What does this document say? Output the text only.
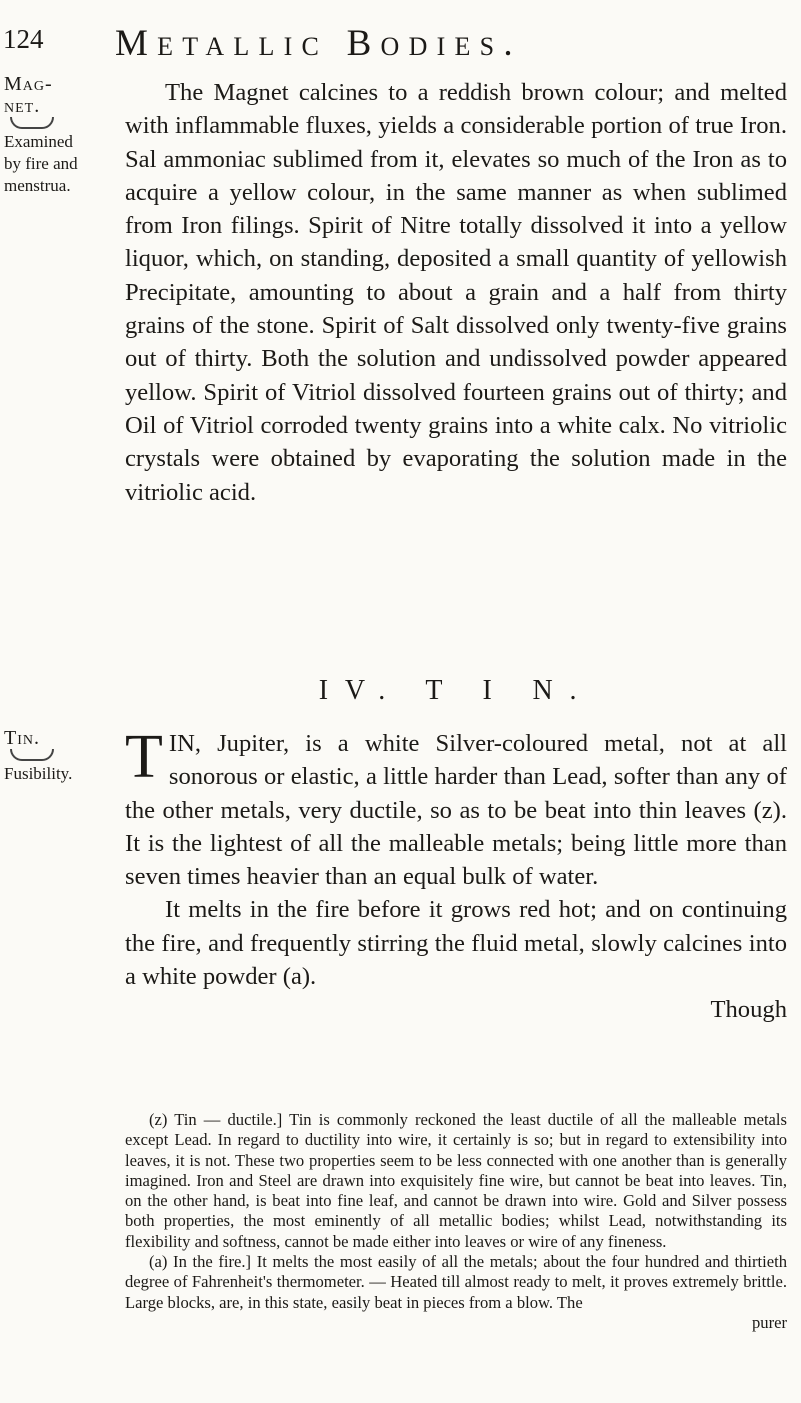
124 Metallic Bodies.
Mag-
net.
Examined
by fire and
menstrua.
Tin.
Fusibility.

The Magnet calcines to a reddish brown colour; and melted with inflammable fluxes, yields a considerable portion of true Iron. Sal ammoniac sublimed from it, elevates so much of the Iron as to acquire a yellow colour, in the same manner as when sublimed from Iron filings. Spirit of Nitre totally dissolved it into a yellow liquor, which, on standing, deposited a small quantity of yellowish Precipitate, amounting to about a grain and a half from thirty grains of the stone. Spirit of Salt dissolved only twenty-five grains out of thirty. Both the solution and undissolved powder appeared yellow. Spirit of Vitriol dissolved fourteen grains out of thirty; and Oil of Vitriol corroded twenty grains into a white calx. No vitriolic crystals were obtained by evaporating the solution made in the vitriolic acid.

IV. T I N.

TIN, Jupiter, is a white Silver-coloured metal, not at all sonorous or elastic, a little harder than Lead, softer than any of the other metals, very ductile, so as to be beat into thin leaves (z). It is the lightest of all the malleable metals; being little more than seven times heavier than an equal bulk of water.

It melts in the fire before it grows red hot; and on continuing the fire, and frequently stirring the fluid metal, slowly calcines into a white powder (a).

Though

(z) Tin — ductile.] Tin is commonly reckoned the least ductile of all the malleable metals except Lead. In regard to ductility into wire, it certainly is so; but in regard to extensibility into leaves, it is not. These two properties seem to be less connected with one another than is generally imagined. Iron and Steel are drawn into exquisitely fine wire, but cannot be beat into leaves. Tin, on the other hand, is beat into fine leaf, and cannot be drawn into wire. Gold and Silver possess both properties, the most eminently of all metallic bodies; whilst Lead, notwithstanding its flexibility and softness, cannot be made either into leaves or wire of any fineness.

(a) In the fire.] It melts the most easily of all the metals; about the four hundred and thirtieth degree of Fahrenheit's thermometer. — Heated till almost ready to melt, it proves extremely brittle. Large blocks, are, in this state, easily beat in pieces from a blow. The

purer
